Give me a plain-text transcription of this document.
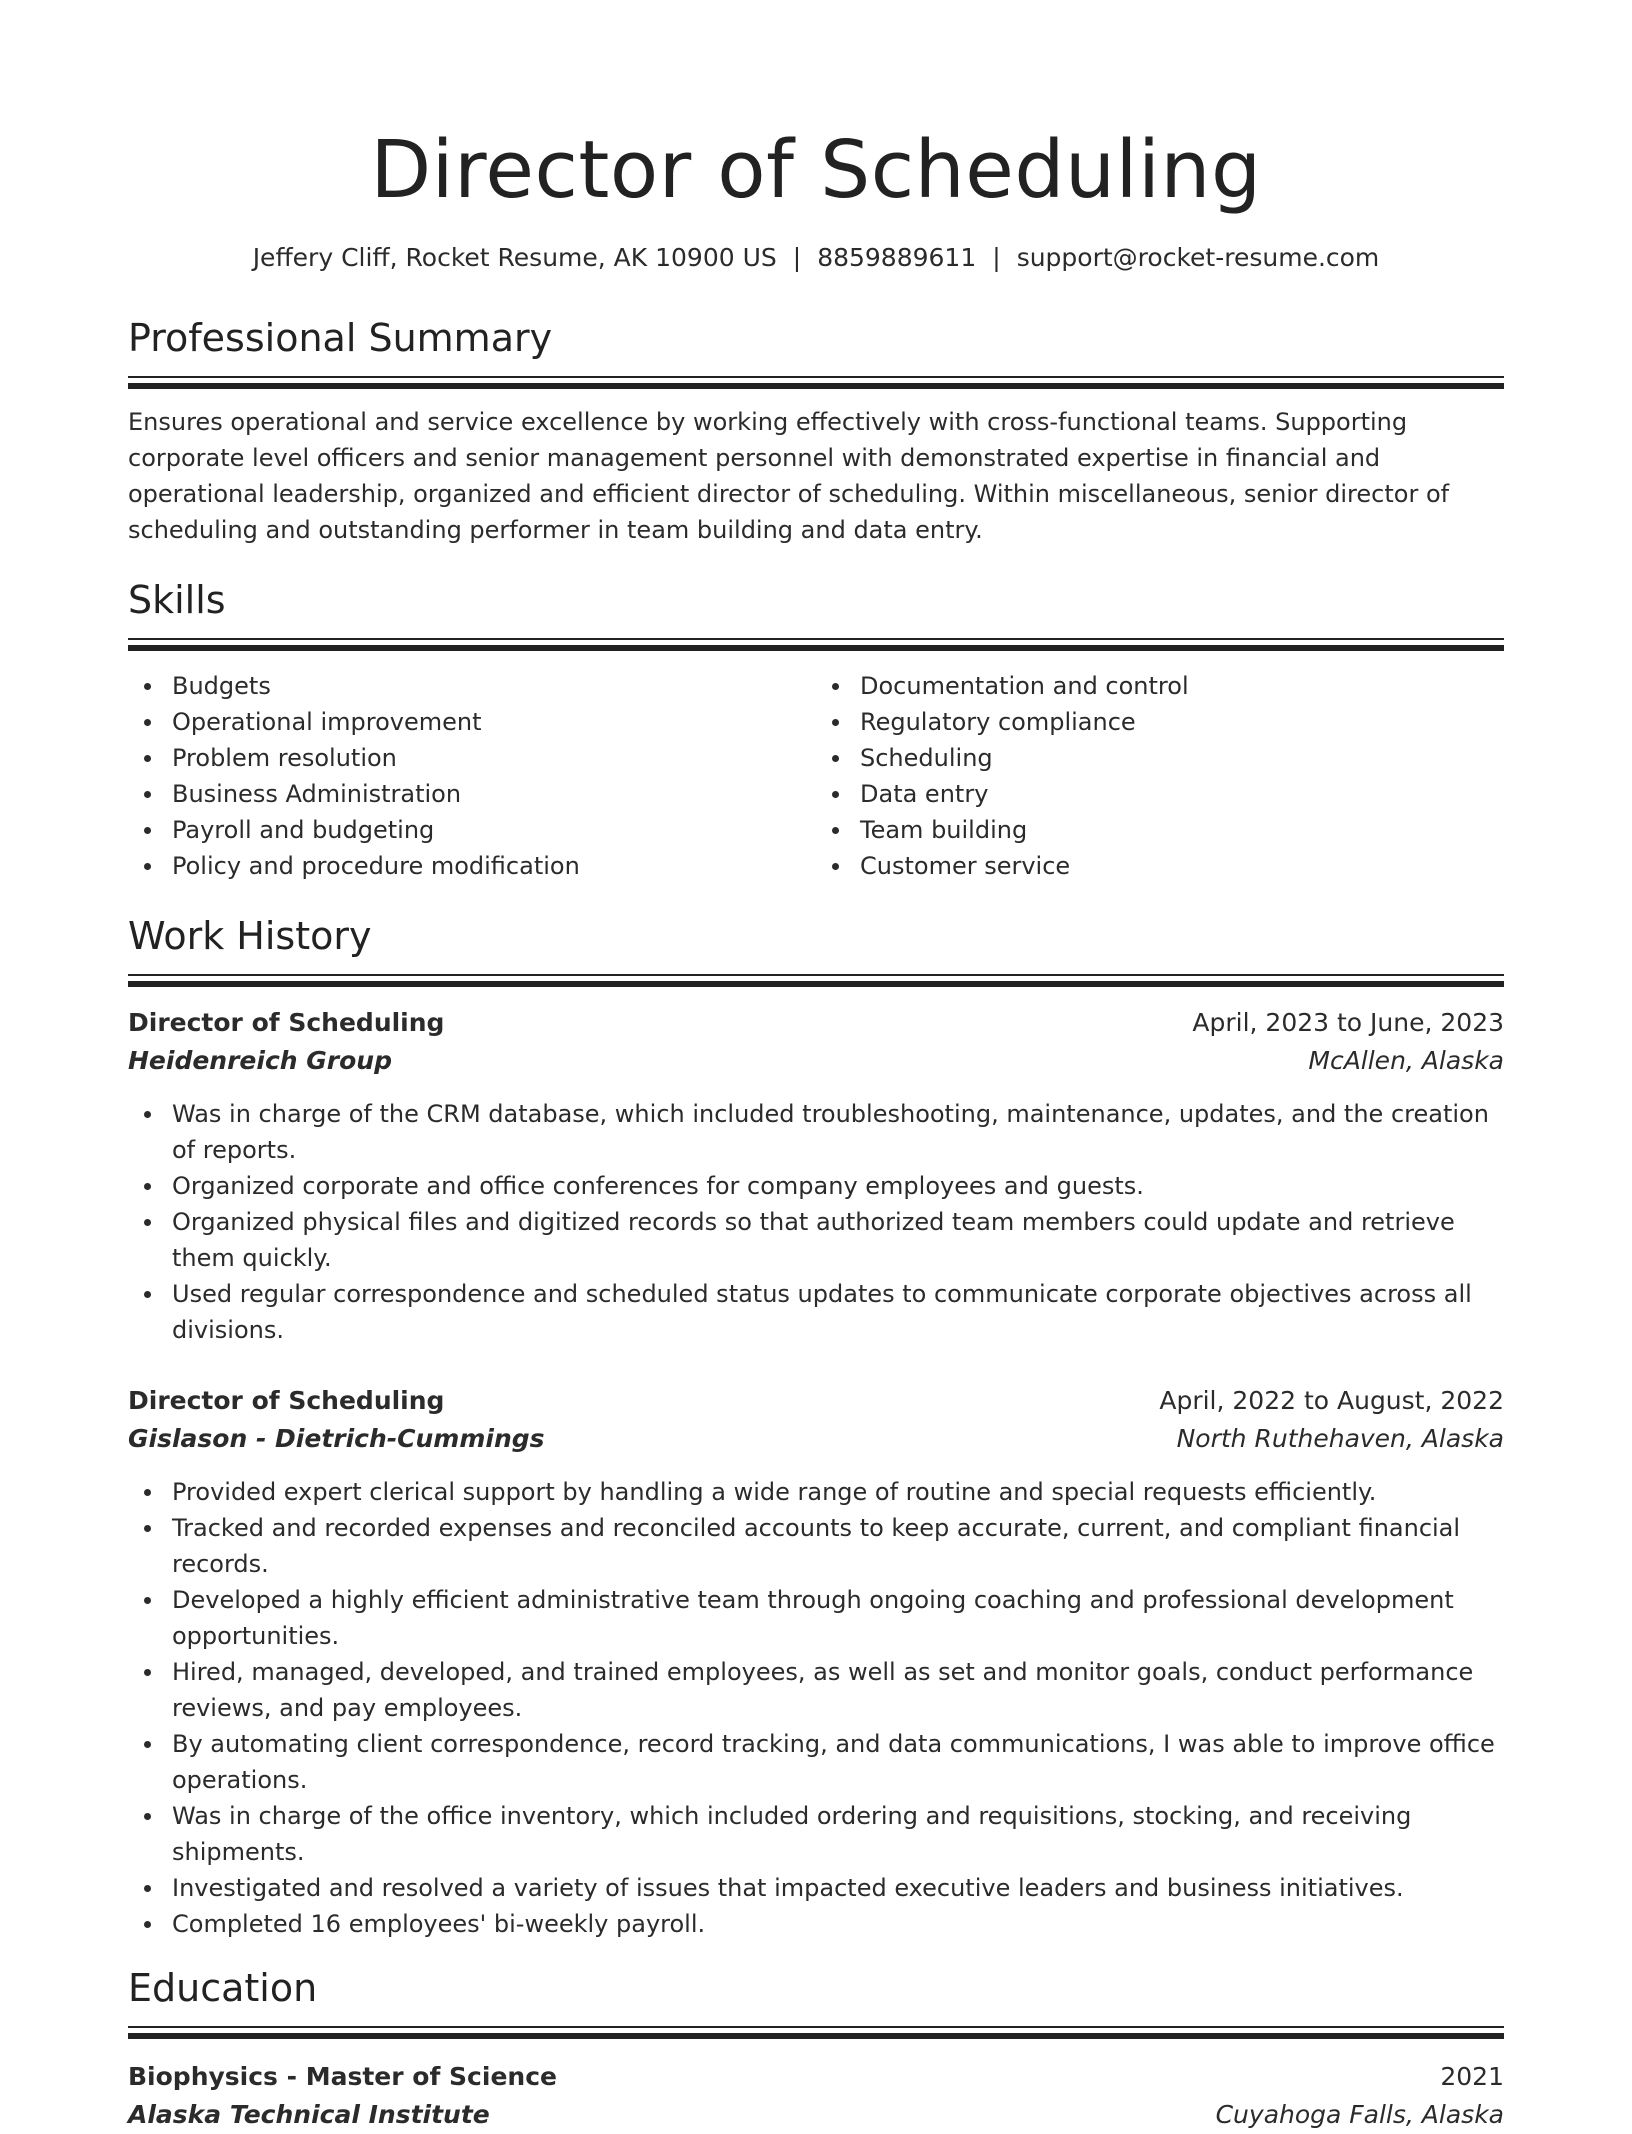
Director of Scheduling
Jeffery Cliff, Rocket Resume, AK 10900 US | 8859889611 | support@rocket-resume.com
Professional Summary

Ensures operational and service excellence by working effectively with cross-functional teams. Supporting corporate level officers and senior management personnel with demonstrated expertise in financial and operational leadership, organized and efficient director of scheduling. Within miscellaneous, senior director of scheduling and outstanding performer in team building and data entry.

Skills
Budgets
Operational improvement
Problem resolution
Business Administration
Payroll and budgeting
Policy and procedure modification
Documentation and control
Regulatory compliance
Scheduling
Data entry
Team building
Customer service
Work History
Director of Scheduling	April, 2023 to June, 2023
Heidenreich Group	McAllen, Alaska
Was in charge of the CRM database, which included troubleshooting, maintenance, updates, and the creation of reports.
Organized corporate and office conferences for company employees and guests.
Organized physical files and digitized records so that authorized team members could update and retrieve them quickly.
Used regular correspondence and scheduled status updates to communicate corporate objectives across all divisions.
Director of Scheduling	April, 2022 to August, 2022
Gislason - Dietrich-Cummings	North Ruthehaven, Alaska
Provided expert clerical support by handling a wide range of routine and special requests efficiently.
Tracked and recorded expenses and reconciled accounts to keep accurate, current, and compliant financial records.
Developed a highly efficient administrative team through ongoing coaching and professional development opportunities.
Hired, managed, developed, and trained employees, as well as set and monitor goals, conduct performance reviews, and pay employees.
By automating client correspondence, record tracking, and data communications, I was able to improve office operations.
Was in charge of the office inventory, which included ordering and requisitions, stocking, and receiving shipments.
Investigated and resolved a variety of issues that impacted executive leaders and business initiatives.
Completed 16 employees' bi-weekly payroll.
Education
Biophysics - Master of Science	2021
Alaska Technical Institute	Cuyahoga Falls, Alaska
